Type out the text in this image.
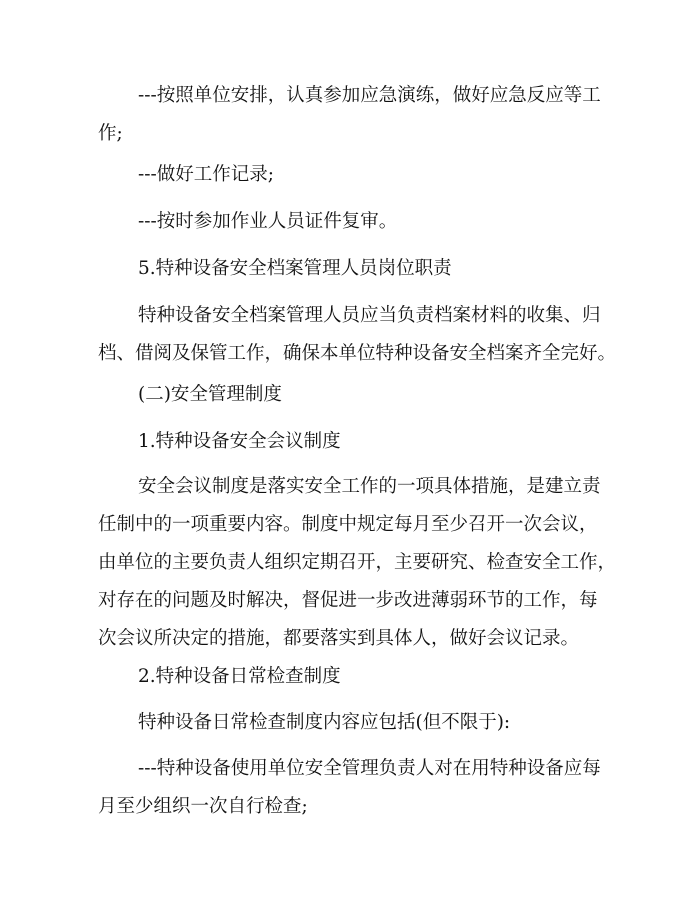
---按照单位安排，认真参加应急演练，做好应急反应等工
作;
---做好工作记录;
---按时参加作业人员证件复审。
5.特种设备安全档案管理人员岗位职责
特种设备安全档案管理人员应当负责档案材料的收集、归
档、借阅及保管工作，确保本单位特种设备安全档案齐全完好。
(二)安全管理制度
1.特种设备安全会议制度
安全会议制度是落实安全工作的一项具体措施，是建立责
任制中的一项重要内容。制度中规定每月至少召开一次会议，
由单位的主要负责人组织定期召开，主要研究、检查安全工作，
对存在的问题及时解决，督促进一步改进薄弱环节的工作，每
次会议所决定的措施，都要落实到具体人，做好会议记录。
2.特种设备日常检查制度
特种设备日常检查制度内容应包括(但不限于):
---特种设备使用单位安全管理负责人对在用特种设备应每
月至少组织一次自行检查;
